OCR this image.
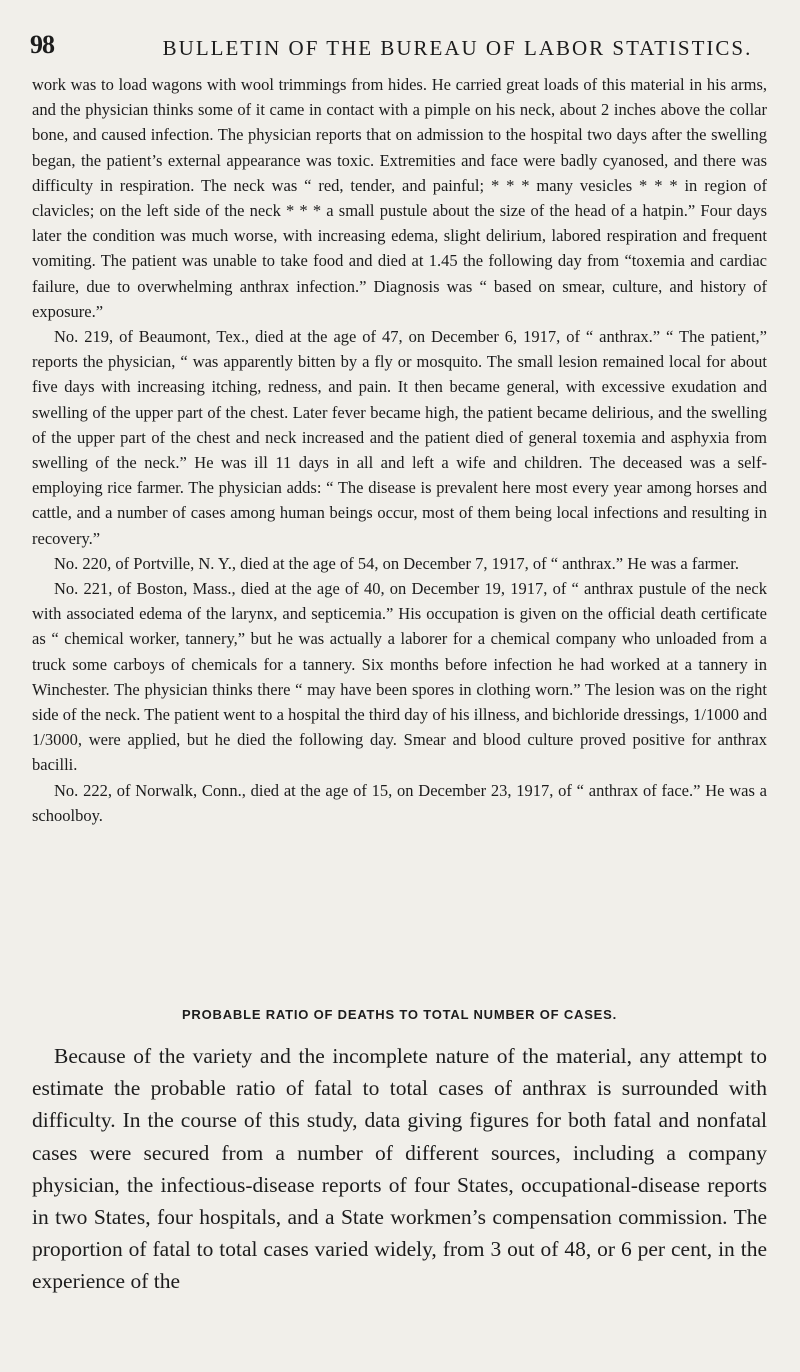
98	BULLETIN OF THE BUREAU OF LABOR STATISTICS.

work was to load wagons with wool trimmings from hides. He carried great loads of this material in his arms, and the physician thinks some of it came in contact with a pimple on his neck, about 2 inches above the collar bone, and caused infection. The physician reports that on admission to the hospital two days after the swelling began, the patient’s external appearance was toxic. Extremities and face were badly cyanosed, and there was difficulty in respiration. The neck was “ red, tender, and painful; * * * many vesicles * * * in region of clavicles; on the left side of the neck * * * a small pustule about the size of the head of a hatpin.” Four days later the condition was much worse, with increasing edema, slight delirium, labored respiration and frequent vomiting. The patient was unable to take food and died at 1.45 the following day from “toxemia and cardiac failure, due to overwhelming anthrax infection.” Diagnosis was “ based on smear, culture, and history of exposure.”

No. 219, of Beaumont, Tex., died at the age of 47, on December 6, 1917, of “ anthrax.” “ The patient,” reports the physician, “ was apparently bitten by a fly or mosquito. The small lesion remained local for about five days with increasing itching, redness, and pain. It then became general, with excessive exudation and swelling of the upper part of the chest. Later fever became high, the patient became delirious, and the swelling of the upper part of the chest and neck increased and the patient died of general toxemia and asphyxia from swelling of the neck.” He was ill 11 days in all and left a wife and children. The deceased was a self-employing rice farmer. The physician adds: “ The disease is prevalent here most every year among horses and cattle, and a number of cases among human beings occur, most of them being local infections and resulting in recovery.”

No. 220, of Portville, N. Y., died at the age of 54, on December 7, 1917, of “ anthrax.” He was a farmer.

No. 221, of Boston, Mass., died at the age of 40, on December 19, 1917, of “ anthrax pustule of the neck with associated edema of the larynx, and septicemia.” His occupation is given on the official death certificate as “ chemical worker, tannery,” but he was actually a laborer for a chemical company who unloaded from a truck some carboys of chemicals for a tannery. Six months before infection he had worked at a tannery in Winchester. The physician thinks there “ may have been spores in clothing worn.” The lesion was on the right side of the neck. The patient went to a hospital the third day of his illness, and bichloride dressings, 1/1000 and 1/3000, were applied, but he died the following day. Smear and blood culture proved positive for anthrax bacilli.

No. 222, of Norwalk, Conn., died at the age of 15, on December 23, 1917, of “ anthrax of face.” He was a schoolboy.

PROBABLE RATIO OF DEATHS TO TOTAL NUMBER OF CASES.

Because of the variety and the incomplete nature of the material, any attempt to estimate the probable ratio of fatal to total cases of anthrax is surrounded with difficulty. In the course of this study, data giving figures for both fatal and nonfatal cases were secured from a number of different sources, including a company physician, the infectious-disease reports of four States, occupational-disease reports in two States, four hospitals, and a State workmen’s compensation commission. The proportion of fatal to total cases varied widely, from 3 out of 48, or 6 per cent, in the experience of the
